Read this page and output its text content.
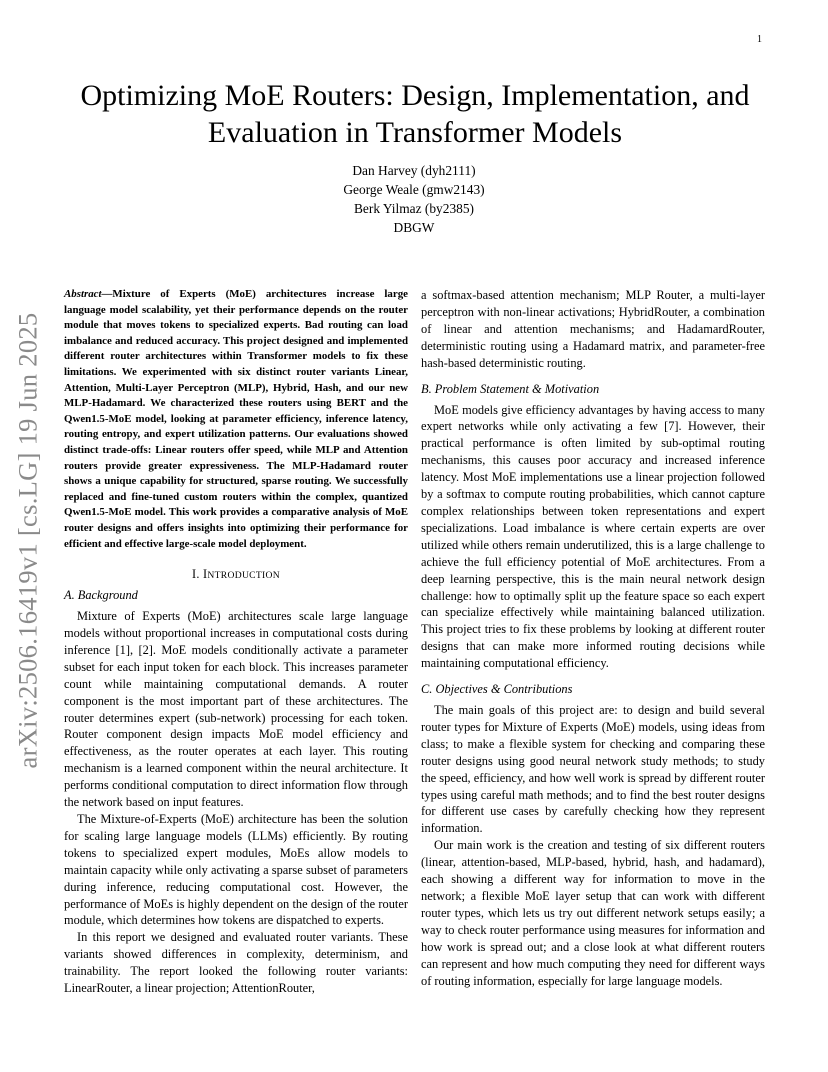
1
arXiv:2506.16419v1 [cs.LG] 19 Jun 2025
Optimizing MoE Routers: Design, Implementation, and Evaluation in Transformer Models
Dan Harvey (dyh2111)
George Weale (gmw2143)
Berk Yilmaz (by2385)
DBGW

Abstract—Mixture of Experts (MoE) architectures increase large language model scalability, yet their performance depends on the router module that moves tokens to specialized experts. Bad routing can load imbalance and reduced accuracy. This project designed and implemented different router architectures within Transformer models to fix these limitations. We experimented with six distinct router variants Linear, Attention, Multi-Layer Perceptron (MLP), Hybrid, Hash, and our new MLP-Hadamard. We characterized these routers using BERT and the Qwen1.5-MoE model, looking at parameter efficiency, inference latency, routing entropy, and expert utilization patterns. Our evaluations showed distinct trade-offs: Linear routers offer speed, while MLP and Attention routers provide greater expressiveness. The MLP-Hadamard router shows a unique capability for structured, sparse routing. We successfully replaced and fine-tuned custom routers within the complex, quantized Qwen1.5-MoE model. This work provides a comparative analysis of MoE router designs and offers insights into optimizing their performance for efficient and effective large-scale model deployment.

I. INTRODUCTION
A. Background

Mixture of Experts (MoE) architectures scale large language models without proportional increases in computational costs during inference [1], [2]. MoE models conditionally activate a parameter subset for each input token for each block. This increases parameter count while maintaining computational demands. A router component is the most important part of these architectures. The router determines expert (sub-network) processing for each token. Router component design impacts MoE model efficiency and effectiveness, as the router operates at each layer. This routing mechanism is a learned component within the neural architecture. It performs conditional computation to direct information flow through the network based on input features.

The Mixture-of-Experts (MoE) architecture has been the solution for scaling large language models (LLMs) efficiently. By routing tokens to specialized expert modules, MoEs allow models to maintain capacity while only activating a sparse subset of parameters during inference, reducing computational cost. However, the performance of MoEs is highly dependent on the design of the router module, which determines how tokens are dispatched to experts.

In this report we designed and evaluated router variants. These variants showed differences in complexity, determinism, and trainability. The report looked the following router variants: LinearRouter, a linear projection; AttentionRouter,

a softmax-based attention mechanism; MLP Router, a multi-layer perceptron with non-linear activations; HybridRouter, a combination of linear and attention mechanisms; and HadamardRouter, deterministic routing using a Hadamard matrix, and parameter-free hash-based deterministic routing.

B. Problem Statement & Motivation

MoE models give efficiency advantages by having access to many expert networks while only activating a few [7]. However, their practical performance is often limited by sub-optimal routing mechanisms, this causes poor accuracy and increased inference latency. Most MoE implementations use a linear projection followed by a softmax to compute routing probabilities, which cannot capture complex relationships between token representations and expert specializations. Load imbalance is where certain experts are over utilized while others remain underutilized, this is a large challenge to achieve the full efficiency potential of MoE architectures. From a deep learning perspective, this is the main neural network design challenge: how to optimally split up the feature space so each expert can specialize effectively while maintaining balanced utilization. This project tries to fix these problems by looking at different router designs that can make more informed routing decisions while maintaining computational efficiency.

C. Objectives & Contributions

The main goals of this project are: to design and build several router types for Mixture of Experts (MoE) models, using ideas from class; to make a flexible system for checking and comparing these router designs using good neural network study methods; to study the speed, efficiency, and how well work is spread by different router types using careful math methods; and to find the best router designs for different use cases by carefully checking how they represent information.

Our main work is the creation and testing of six different routers (linear, attention-based, MLP-based, hybrid, hash, and hadamard), each showing a different way for information to move in the network; a flexible MoE layer setup that can work with different router types, which lets us try out different network setups easily; a way to check router performance using measures for information and how work is spread out; and a close look at what different routers can represent and how much computing they need for different ways of routing information, especially for large language models.
